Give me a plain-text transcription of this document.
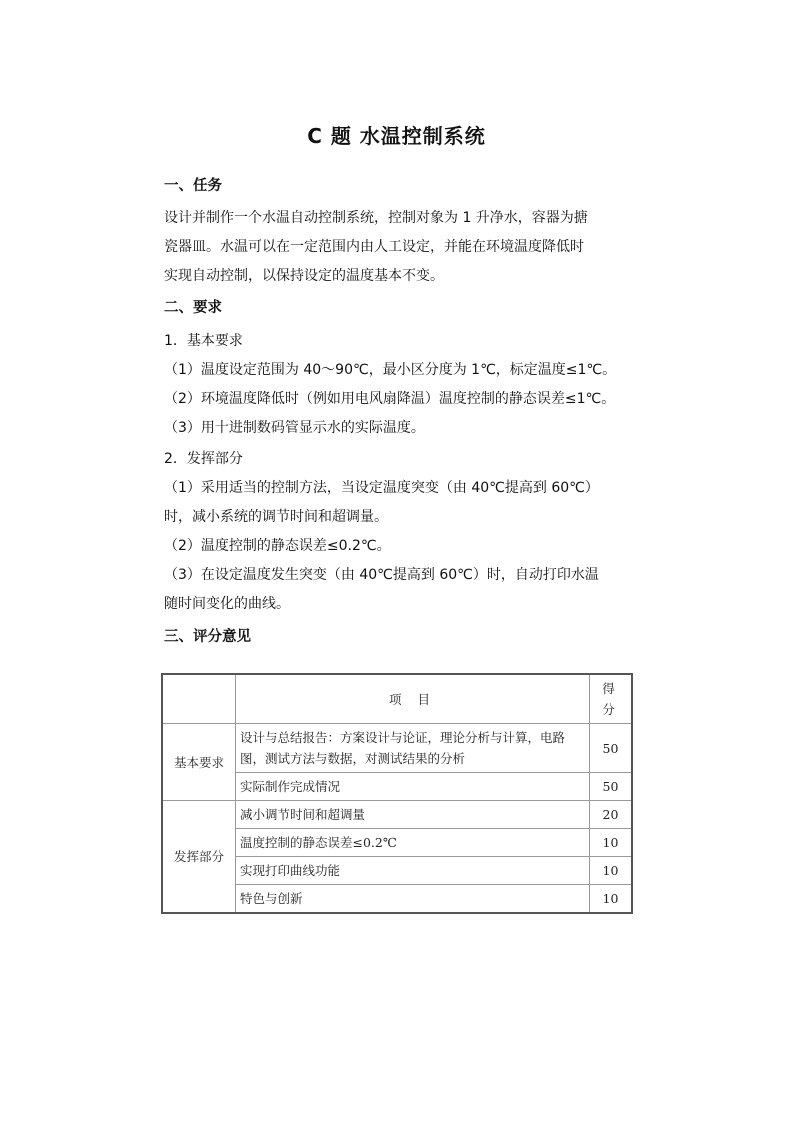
C 题 水温控制系统

一、任务

设计并制作一个水温自动控制系统，控制对象为 1 升净水，容器为搪

瓷器皿。水温可以在一定范围内由人工设定，并能在环境温度降低时

实现自动控制，以保持设定的温度基本不变。

二、要求

1．基本要求

（1）温度设定范围为 40～90℃，最小区分度为 1℃，标定温度≤1℃。

（2）环境温度降低时（例如用电风扇降温）温度控制的静态误差≤1℃。

（3）用十进制数码管显示水的实际温度。

2．发挥部分

（1）采用适当的控制方法，当设定温度突变（由 40℃提高到 60℃）

时，减小系统的调节时间和超调量。

（2）温度控制的静态误差≤0.2℃。

（3）在设定温度发生突变（由 40℃提高到 60℃）时，自动打印水温

随时间变化的曲线。

三、评分意见

	项 目	得 分
基本要求	设计与总结报告：方案设计与论证，理论分析与计算，电路图，测试方法与数据，对测试结果的分析	50
	实际制作完成情况	50
发挥部分	减小调节时间和超调量	20
	温度控制的静态误差≤0.2℃	10
	实现打印曲线功能	10
	特色与创新	10
